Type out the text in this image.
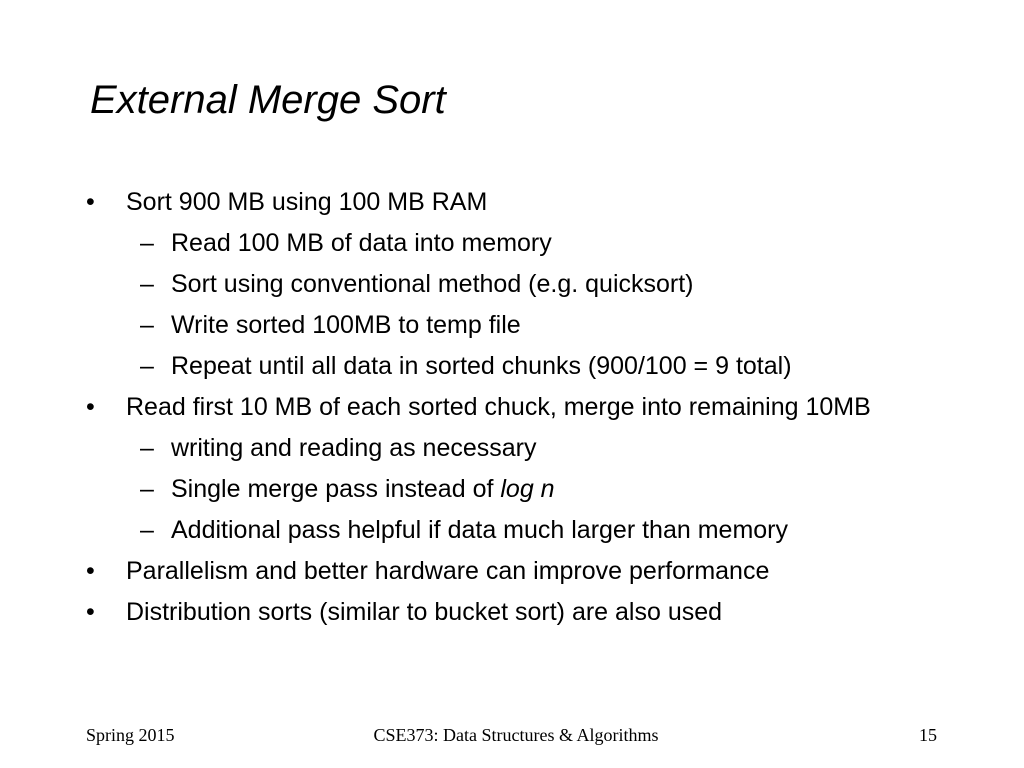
External Merge Sort

• Sort 900 MB using 100 MB RAM

– Read 100 MB of data into memory

– Sort using conventional method (e.g. quicksort)

– Write sorted 100MB to temp file

– Repeat until all data in sorted chunks (900/100 = 9 total)

• Read first 10 MB of each sorted chuck, merge into remaining 10MB

– writing and reading as necessary

– Single merge pass instead of log n

– Additional pass helpful if data much larger than memory

• Parallelism and better hardware can improve performance

• Distribution sorts (similar to bucket sort) are also used

Spring 2015	CSE373: Data Structures & Algorithms	15
